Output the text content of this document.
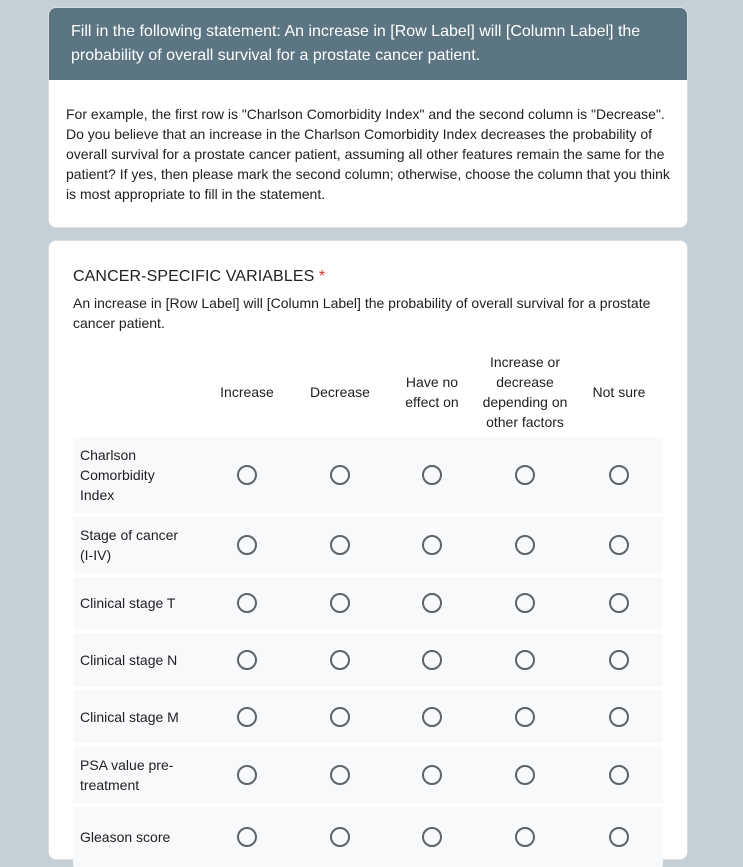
Fill in the following statement: An increase in [Row Label] will [Column Label] the probability of overall survival for a prostate cancer patient.
For example, the first row is "Charlson Comorbidity Index" and the second column is "Decrease". Do you believe that an increase in the Charlson Comorbidity Index decreases the probability of overall survival for a prostate cancer patient, assuming all other features remain the same for the patient? If yes, then please mark the second column; otherwise, choose the column that you think is most appropriate to fill in the statement.
CANCER-SPECIFIC VARIABLES *
An increase in [Row Label] will [Column Label] the probability of overall survival for a prostate cancer patient.
Increase	Decrease
Have no effect on
Increase or decrease depending on other factors
Not sure
Charlson Comorbidity Index
Stage of cancer (I-IV)
Clinical stage T
Clinical stage N
Clinical stage M
PSA value pre-treatment
Gleason score
